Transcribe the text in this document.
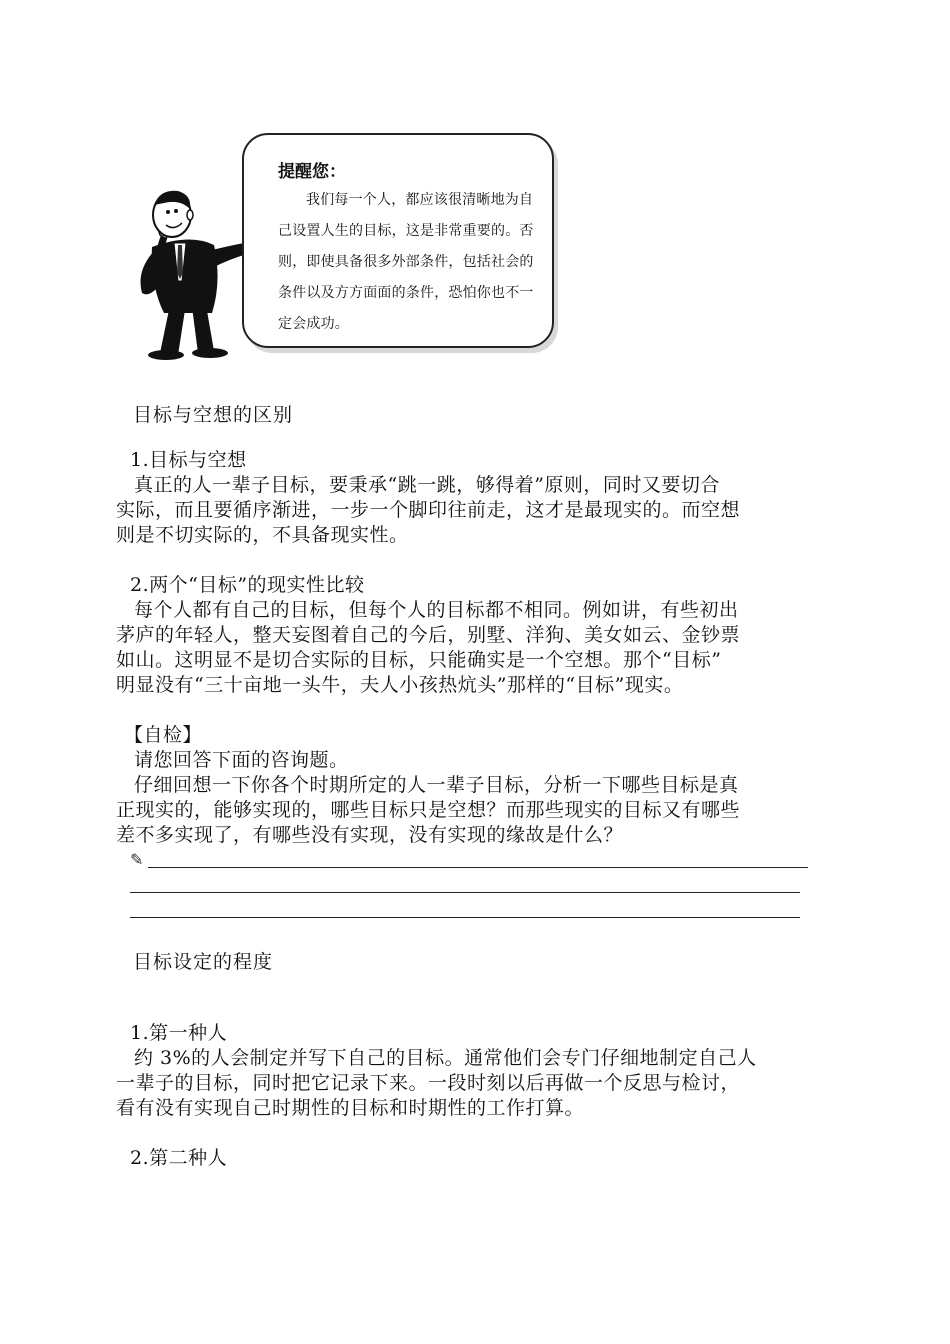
提醒您：
我们每一个人，都应该很清晰地为自己设置人生的目标，这是非常重要的。否则，即使具备很多外部条件，包括社会的条件以及方方面面的条件，恐怕你也不一定会成功。
目标与空想的区别
1.目标与空想
真正的人一辈子目标，要秉承“跳一跳，够得着”原则，同时又要切合
实际，而且要循序渐进，一步一个脚印往前走，这才是最现实的。而空想
则是不切实际的，不具备现实性。
2.两个“目标”的现实性比较
每个人都有自己的目标，但每个人的目标都不相同。例如讲，有些初出
茅庐的年轻人，整天妄图着自己的今后，别墅、洋狗、美女如云、金钞票
如山。这明显不是切合实际的目标，只能确实是一个空想。那个“目标”
明显没有“三十亩地一头牛，夫人小孩热炕头”那样的“目标”现实。
【自检】
请您回答下面的咨询题。
仔细回想一下你各个时期所定的人一辈子目标，分析一下哪些目标是真
正现实的，能够实现的，哪些目标只是空想？而那些现实的目标又有哪些
差不多实现了，有哪些没有实现，没有实现的缘故是什么？
✎
目标设定的程度
1.第一种人
约 3%的人会制定并写下自己的目标。通常他们会专门仔细地制定自己人
一辈子的目标，同时把它记录下来。一段时刻以后再做一个反思与检讨，
看有没有实现自己时期性的目标和时期性的工作打算。
2.第二种人
